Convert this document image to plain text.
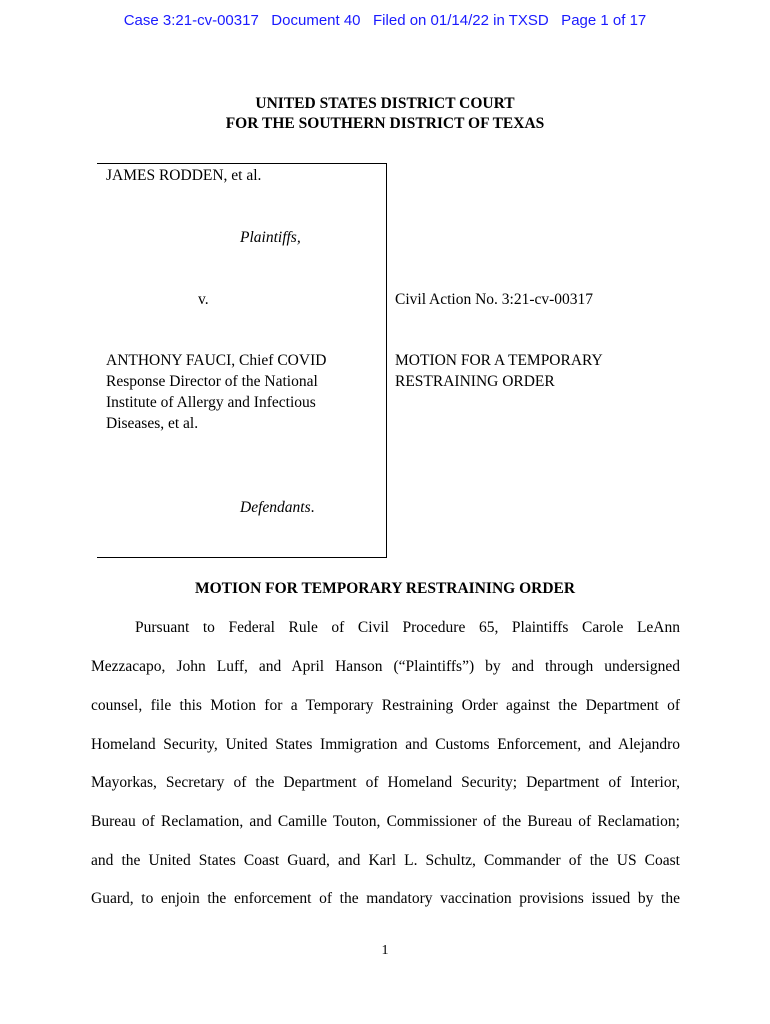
Case 3:21-cv-00317   Document 40   Filed on 01/14/22 in TXSD   Page 1 of 17
UNITED STATES DISTRICT COURT
FOR THE SOUTHERN DISTRICT OF TEXAS
JAMES RODDEN, et al.
Plaintiffs,
v.
ANTHONY FAUCI, Chief COVID
Response Director of the National
Institute of Allergy and Infectious
Diseases, et al.
Defendants.
Civil Action No. 3:21-cv-00317
MOTION FOR A TEMPORARY
RESTRAINING ORDER
MOTION FOR TEMPORARY RESTRAINING ORDER
Pursuant to Federal Rule of Civil Procedure 65, Plaintiffs Carole LeAnn
Mezzacapo, John Luff, and April Hanson (“Plaintiffs”) by and through undersigned
counsel, file this Motion for a Temporary Restraining Order against the Department of
Homeland Security, United States Immigration and Customs Enforcement, and Alejandro
Mayorkas, Secretary of the Department of Homeland Security; Department of Interior,
Bureau of Reclamation, and Camille Touton, Commissioner of the Bureau of Reclamation;
and the United States Coast Guard, and Karl L. Schultz, Commander of the US Coast
Guard, to enjoin the enforcement of the mandatory vaccination provisions issued by the
1
